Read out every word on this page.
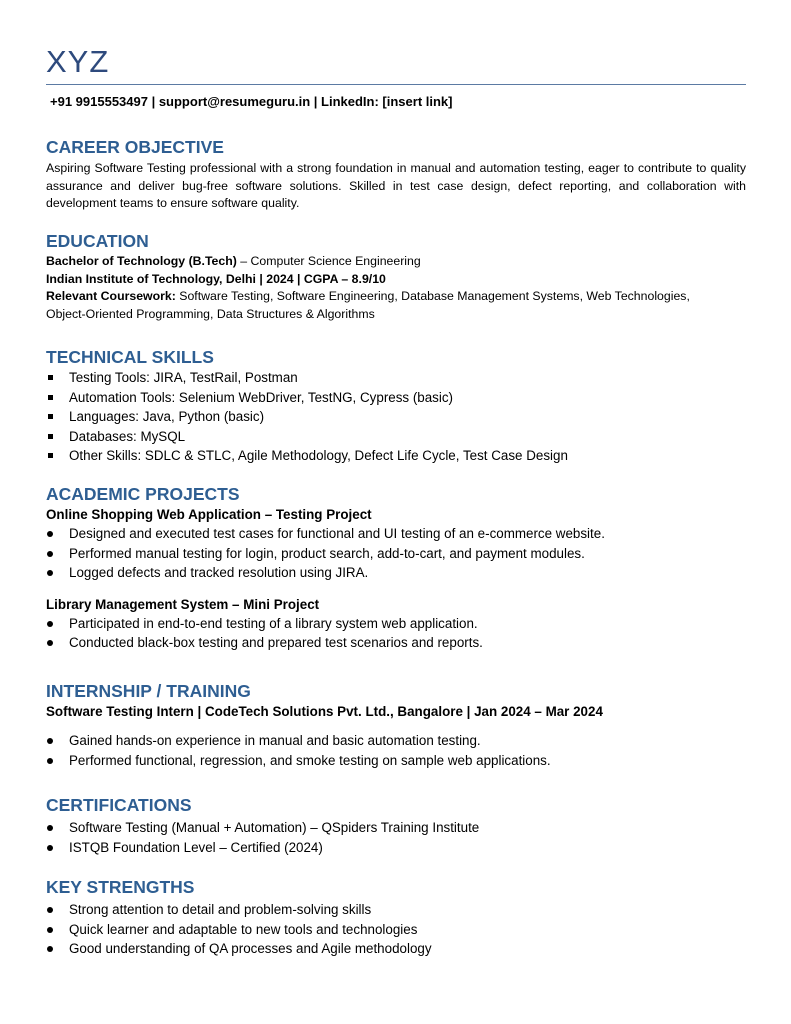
XYZ
+91 9915553497 | support@resumeguru.in | LinkedIn: [insert link]
CAREER OBJECTIVE

Aspiring Software Testing professional with a strong foundation in manual and automation testing, eager to contribute to quality assurance and deliver bug-free software solutions. Skilled in test case design, defect reporting, and collaboration with development teams to ensure software quality.

EDUCATION
Bachelor of Technology (B.Tech) – Computer Science Engineering
Indian Institute of Technology, Delhi | 2024 | CGPA – 8.9/10
Relevant Coursework: Software Testing, Software Engineering, Database Management Systems, Web Technologies,
Object-Oriented Programming, Data Structures & Algorithms
TECHNICAL SKILLS
Testing Tools: JIRA, TestRail, Postman
Automation Tools: Selenium WebDriver, TestNG, Cypress (basic)
Languages: Java, Python (basic)
Databases: MySQL
Other Skills: SDLC & STLC, Agile Methodology, Defect Life Cycle, Test Case Design
ACADEMIC PROJECTS
Online Shopping Web Application – Testing Project
Designed and executed test cases for functional and UI testing of an e-commerce website.
Performed manual testing for login, product search, add-to-cart, and payment modules.
Logged defects and tracked resolution using JIRA.
Library Management System – Mini Project
Participated in end-to-end testing of a library system web application.
Conducted black-box testing and prepared test scenarios and reports.
INTERNSHIP / TRAINING
Software Testing Intern | CodeTech Solutions Pvt. Ltd., Bangalore | Jan 2024 – Mar 2024
Gained hands-on experience in manual and basic automation testing.
Performed functional, regression, and smoke testing on sample web applications.
CERTIFICATIONS
Software Testing (Manual + Automation) – QSpiders Training Institute
ISTQB Foundation Level – Certified (2024)
KEY STRENGTHS
Strong attention to detail and problem-solving skills
Quick learner and adaptable to new tools and technologies
Good understanding of QA processes and Agile methodology
